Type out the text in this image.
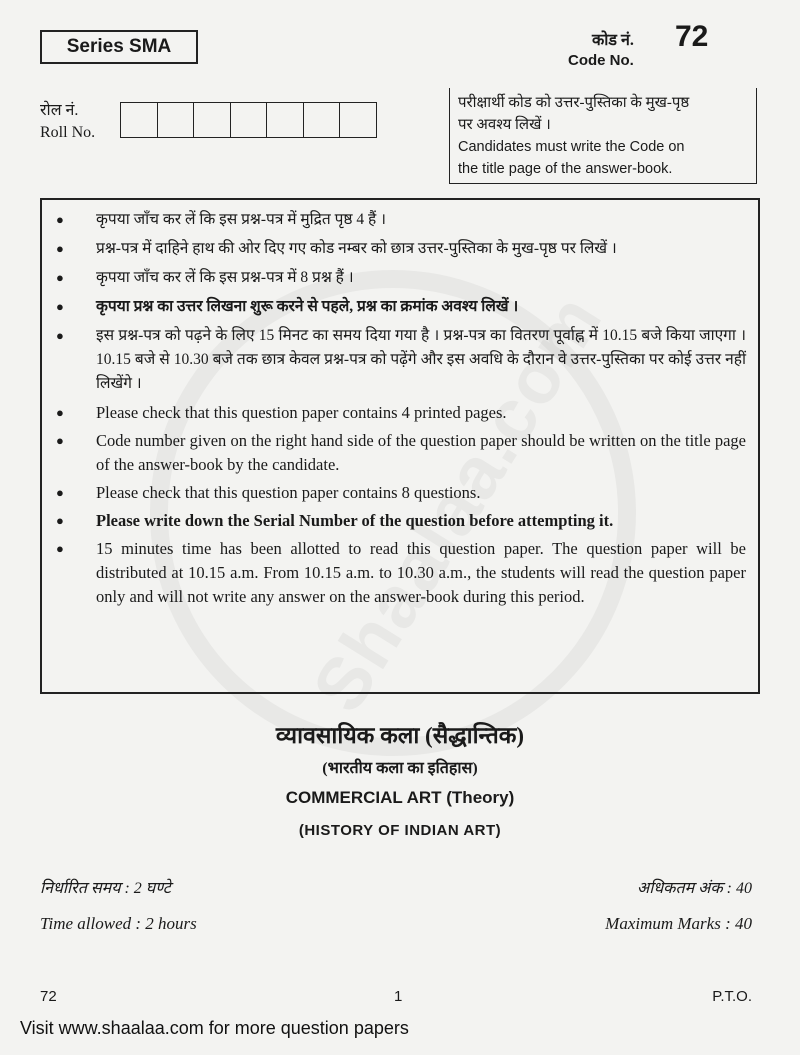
Series SMA	कोड नं. 72
Code No.
रोल नं.
Roll No.
परीक्षार्थी कोड को उत्तर-पुस्तिका के मुख-पृष्ठ
पर अवश्य लिखें ।
Candidates must write the Code on
the title page of the answer-book.
●	कृपया जाँच कर लें कि इस प्रश्न-पत्र में मुद्रित पृष्ठ 4 हैं ।
●	प्रश्न-पत्र में दाहिने हाथ की ओर दिए गए कोड नम्बर को छात्र उत्तर-पुस्तिका के मुख-पृष्ठ पर लिखें ।
●	कृपया जाँच कर लें कि इस प्रश्न-पत्र में 8 प्रश्न हैं ।
●	कृपया प्रश्न का उत्तर लिखना शुरू करने से पहले, प्रश्न का क्रमांक अवश्य लिखें ।
●	इस प्रश्न-पत्र को पढ़ने के लिए 15 मिनट का समय दिया गया है । प्रश्न-पत्र का वितरण पूर्वाह्न में 10.15 बजे किया जाएगा । 10.15 बजे से 10.30 बजे तक छात्र केवल प्रश्न-पत्र को पढ़ेंगे और इस अवधि के दौरान वे उत्तर-पुस्तिका पर कोई उत्तर नहीं लिखेंगे ।
●	Please check that this question paper contains 4 printed pages.
●	Code number given on the right hand side of the question paper should be written on the title page of the answer-book by the candidate.
●	Please check that this question paper contains 8 questions.
●	Please write down the Serial Number of the question before attempting it.
●	15 minutes time has been allotted to read this question paper. The question paper will be distributed at 10.15 a.m. From 10.15 a.m. to 10.30 a.m., the students will read the question paper only and will not write any answer on the answer-book during this period.
व्यावसायिक कला (सैद्धान्तिक)
(भारतीय कला का इतिहास)
COMMERCIAL ART (Theory)
(HISTORY OF INDIAN ART)
निर्धारित समय : 2 घण्टे	अधिकतम अंक : 40
Time allowed : 2 hours	Maximum Marks : 40
72	1	P.T.O.
Visit www.shaalaa.com for more question papers
